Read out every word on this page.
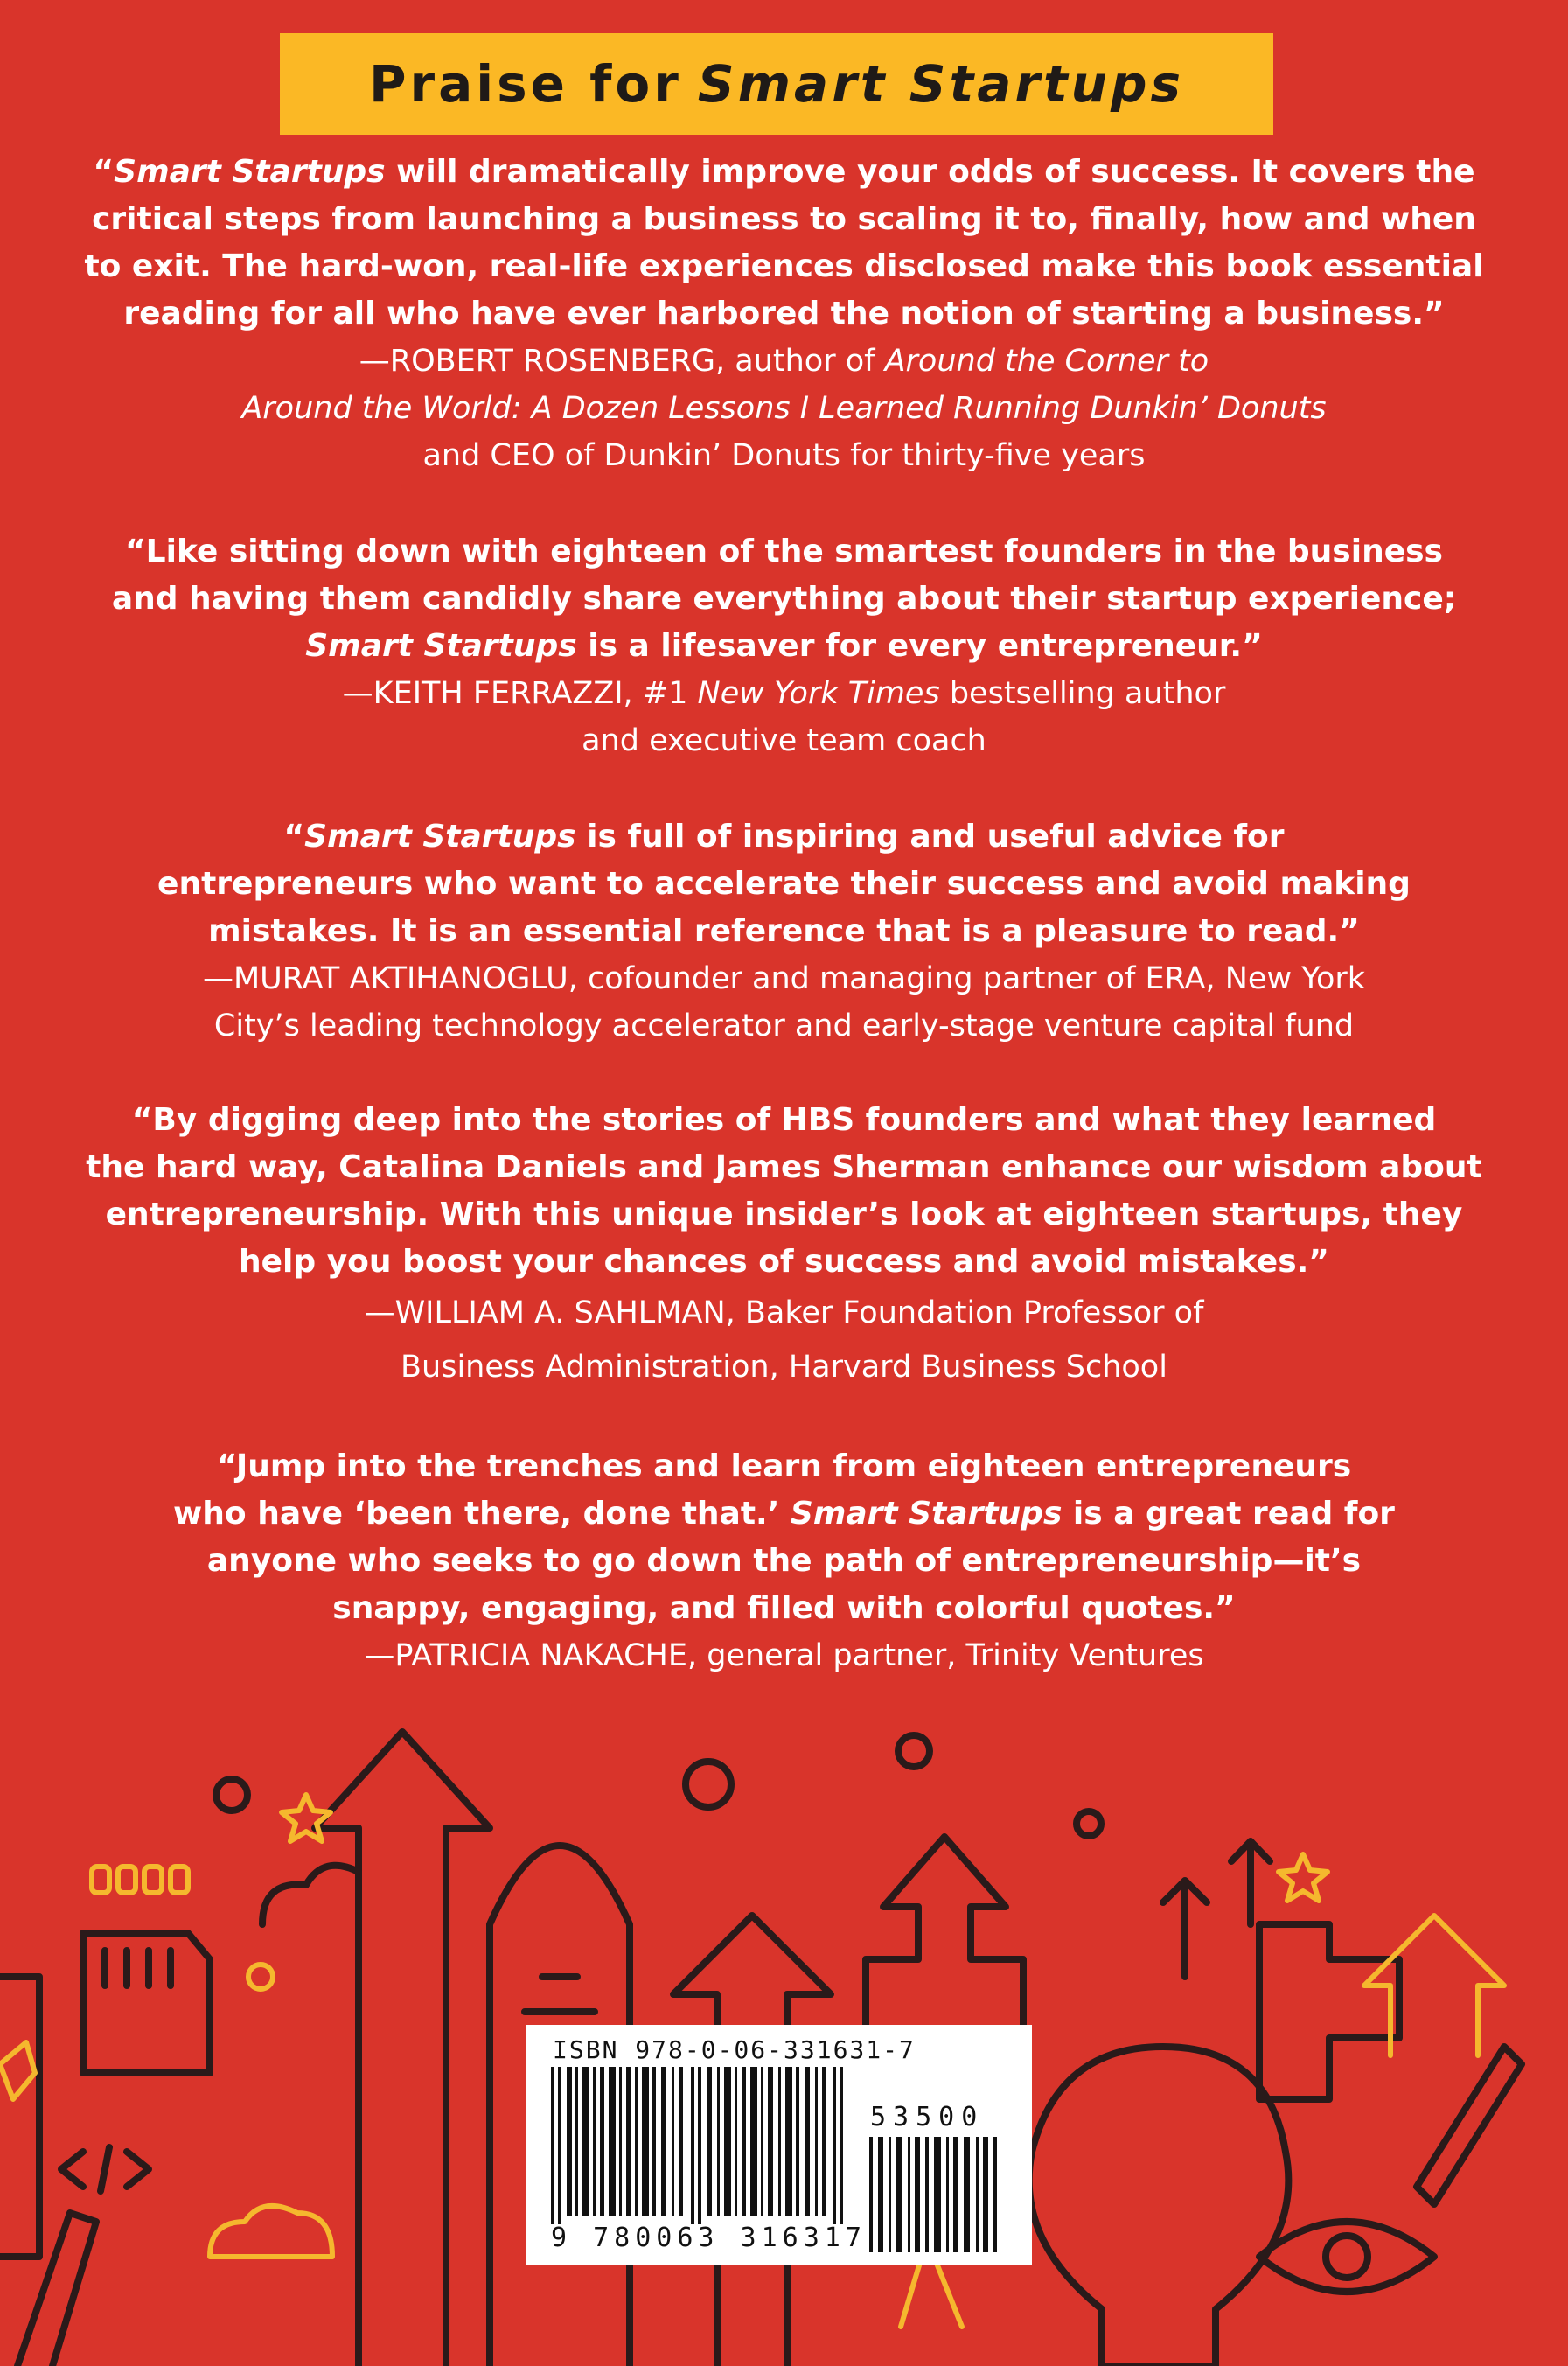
Praise for Smart Startups
“Smart Startups will dramatically improve your odds of success. It covers the
critical steps from launching a business to scaling it to, finally, how and when
to exit. The hard-won, real-life experiences disclosed make this book essential
reading for all who have ever harbored the notion of starting a business.”
—ROBERT ROSENBERG, author of Around the Corner to
Around the World: A Dozen Lessons I Learned Running Dunkin’ Donuts
and CEO of Dunkin’ Donuts for thirty-five years
“Like sitting down with eighteen of the smartest founders in the business
and having them candidly share everything about their startup experience;
Smart Startups is a lifesaver for every entrepreneur.”
—KEITH FERRAZZI, #1 New York Times bestselling author
and executive team coach
“Smart Startups is full of inspiring and useful advice for
entrepreneurs who want to accelerate their success and avoid making
mistakes. It is an essential reference that is a pleasure to read.”
—MURAT AKTIHANOGLU, cofounder and managing partner of ERA, New York
City’s leading technology accelerator and early-stage venture capital fund
“By digging deep into the stories of HBS founders and what they learned
the hard way, Catalina Daniels and James Sherman enhance our wisdom about
entrepreneurship. With this unique insider’s look at eighteen startups, they
help you boost your chances of success and avoid mistakes.”
—WILLIAM A. SAHLMAN, Baker Foundation Professor of
Business Administration, Harvard Business School
“Jump into the trenches and learn from eighteen entrepreneurs
who have ‘been there, done that.’ Smart Startups is a great read for
anyone who seeks to go down the path of entrepreneurship—it’s
snappy, engaging, and filled with colorful quotes.”
—PATRICIA NAKACHE, general partner, Trinity Ventures
ISBN 978-0-06-331631-7
53500
9 780063 316317
